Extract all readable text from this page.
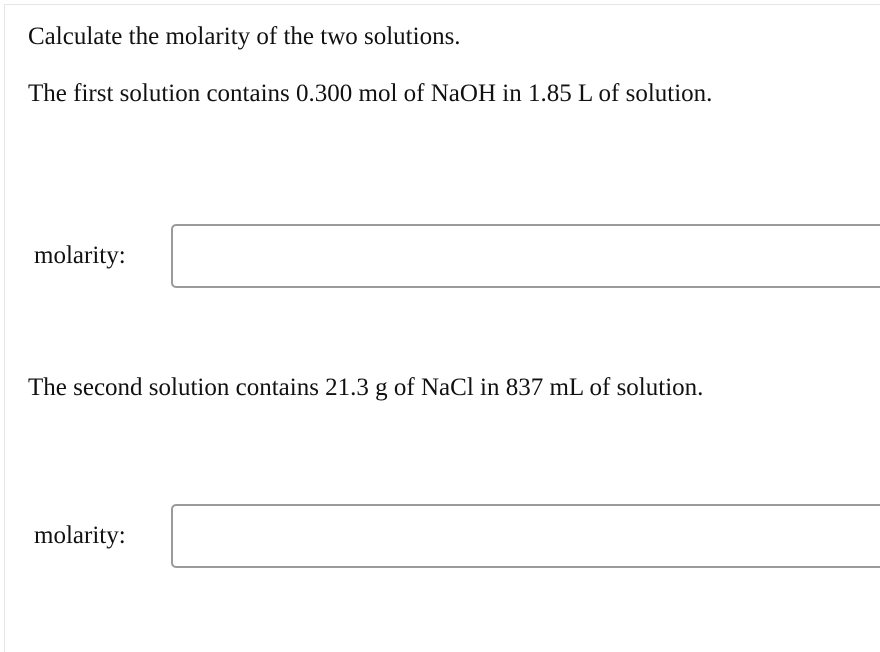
Calculate the molarity of the two solutions.

The first solution contains 0.300 mol of NaOH in 1.85 L of solution.

molarity:

The second solution contains 21.3 g of NaCl in 837 mL of solution.

molarity:
